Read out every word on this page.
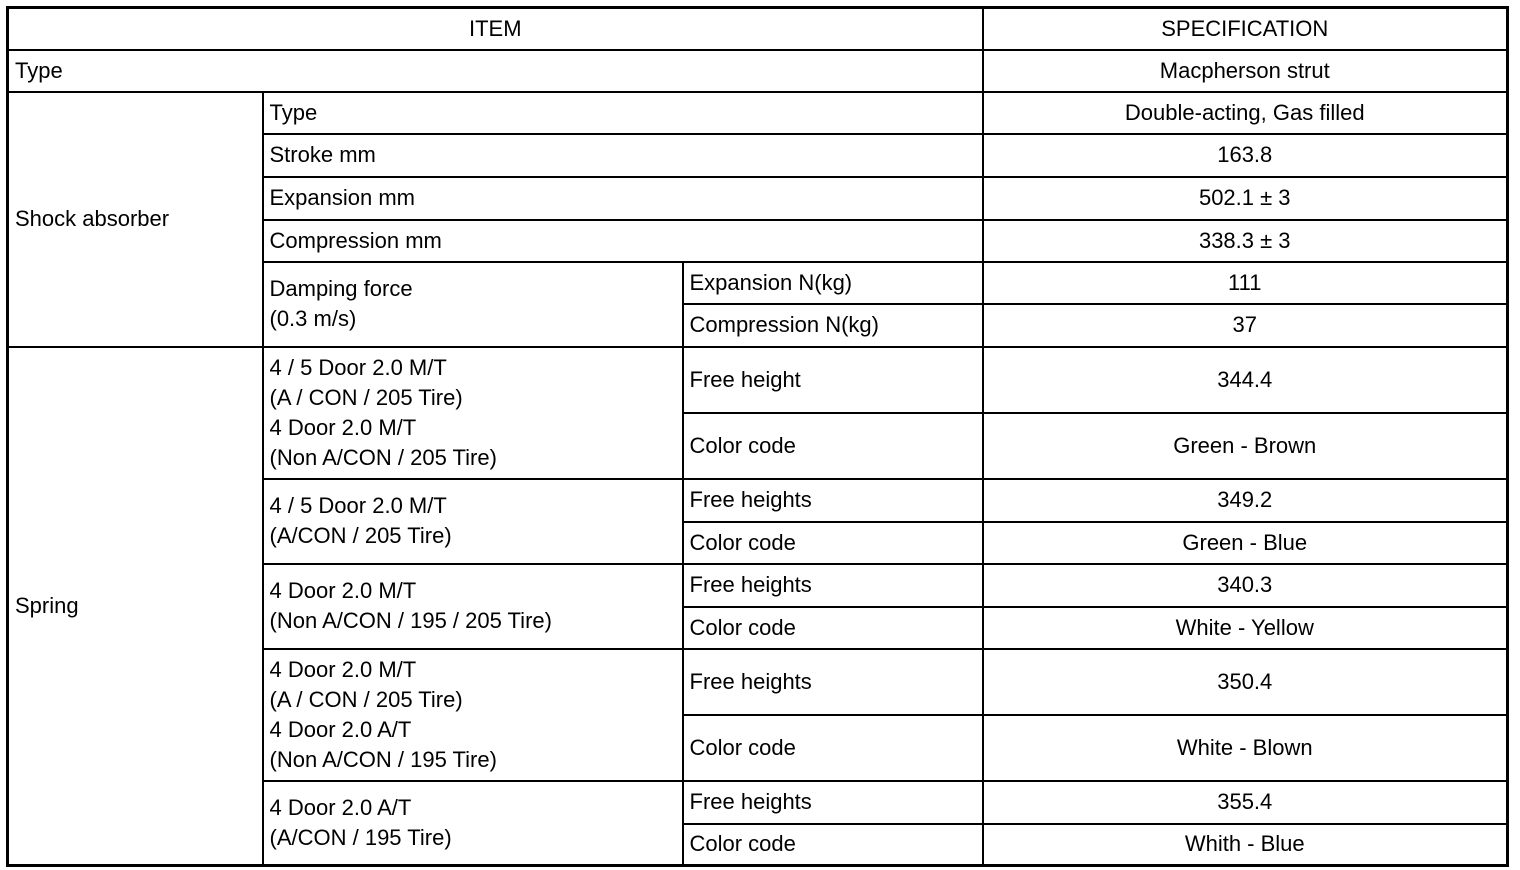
ITEM			SPECIFICATION
Type			Macpherson strut
Shock absorber	Type		Double-acting, Gas filled
	Stroke mm		163.8
	Expansion mm		502.1 ± 3
	Compression mm		338.3 ± 3

	Damping force
(0.3 m/s)	Expansion N(kg)	111
		Compression N(kg)	37
Spring	4 / 5 Door 2.0 M/T
(A / CON / 205 Tire)
4 Door 2.0 M/T
(Non A/CON / 205 Tire)	Free height	344.4
		Color code	Green - Brown

	4 / 5 Door 2.0 M/T
(A/CON / 205 Tire)	Free heights	349.2
		Color code	Green - Blue

	4 Door 2.0 M/T
(Non A/CON / 195 / 205 Tire)	Free heights	340.3
		Color code	White - Yellow

	4 Door 2.0 M/T
(A / CON / 205 Tire)
4 Door 2.0 A/T
(Non A/CON / 195 Tire)	Free heights	350.4
		Color code	White - Blown

	4 Door 2.0 A/T
(A/CON / 195 Tire)	Free heights	355.4
		Color code	Whith - Blue
